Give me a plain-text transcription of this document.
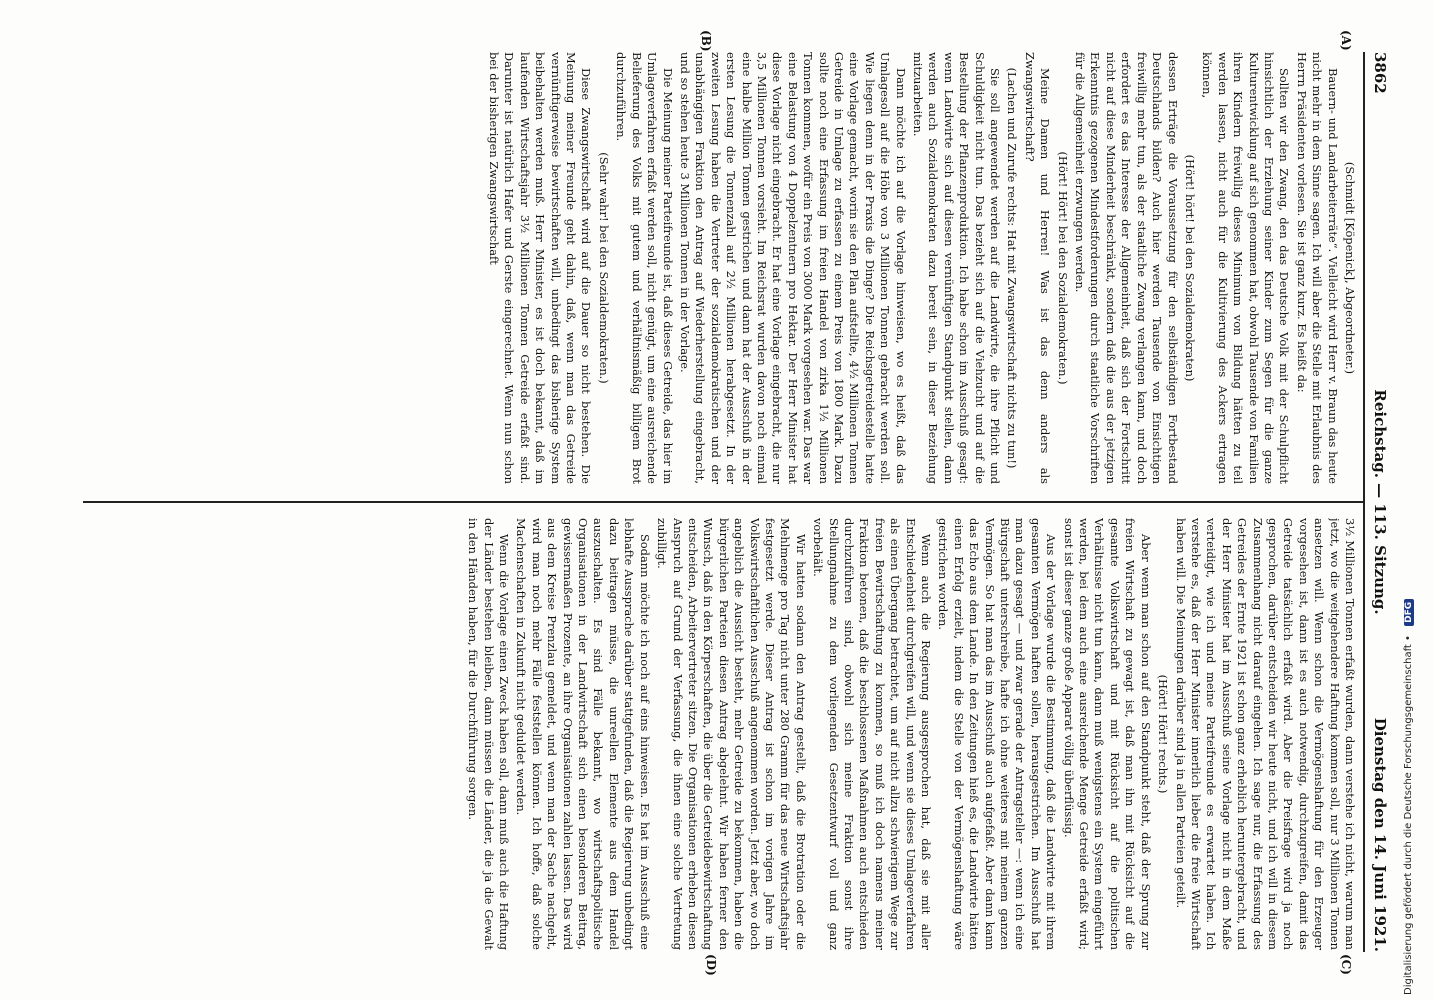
3862
Reichstag. — 113. Sitzung.
Dienstag den 14. Juni 1921.
(A)
(B)
(C)
(D)

(Schmidt [Köpenick], Abgeordneter.)

Bauern- und Landarbeiterräte“. Vielleicht wird Herr v. Braun das heute nicht mehr in dem Sinne sagen. Ich will aber die Stelle mit Erlaubnis des Herrn Präsidenten vorlesen. Sie ist ganz kurz. Es heißt da:

Sollten wir den Zwang, den das Deutsche Volk mit der Schulpflicht hinsichtlich der Erziehung seiner Kinder zum Segen für die ganze Kulturentwicklung auf sich genommen hat, obwohl Tausende von Familien ihren Kindern freiwillig dieses Minimum von Bildung hätten zu teil werden lassen, nicht auch für die Kultivierung des Ackers ertragen können,

(Hört! hört! bei den Sozialdemokraten)

dessen Erträge die Voraussetzung für den selbständigen Fortbestand Deutschlands bilden? Auch hier werden Tausende von Einsichtigen freiwillig mehr tun, als der staatliche Zwang verlangen kann, und doch erfordert es das Interesse der Allgemeinheit, daß sich der Fortschritt nicht auf diese Minderheit beschränkt, sondern daß die aus der jetzigen Erkenntnis gezogenen Mindestforderungen durch staatliche Vorschriften für die Allgemeinheit erzwungen werden.

(Hört! Hört! bei den Sozialdemokraten.)

Meine Damen und Herren! Was ist das denn anders als Zwangswirtschaft?

(Lachen und Zurufe rechts: Hat mit Zwangswirtschaft nichts zu tun!)

Sie soll angewendet werden auf die Landwirte, die ihre Pflicht und Schuldigkeit nicht tun. Das bezieht sich auf die Viehzucht und auf die Bestellung der Pflanzenproduktion. Ich habe schon im Ausschuß gesagt: wenn Landwirte sich auf diesen vernünftigen Standpunkt stellen, dann werden auch Sozialdemokraten dazu bereit sein, in dieser Beziehung mitzuarbeiten.

Dann möchte ich auf die Vorlage hinweisen, wo es heißt, daß das Umlagesoll auf die Höhe von 3 Millionen Tonnen gebracht werden soll. Wie liegen denn in der Praxis die Dinge? Die Reichsgetreidestelle hatte eine Vorlage gemacht, worin sie den Plan aufstellte, 4½ Millionen Tonnen Getreide in Umlage zu erfassen zu einem Preis von 1800 Mark. Dazu sollte noch eine Erfassung im freien Handel von zirka 1½ Millionen Tonnen kommen, wofür ein Preis von 3000 Mark vorgesehen war. Das war eine Belastung von 4 Doppelzentnern pro Hektar. Der Herr Minister hat diese Vorlage nicht eingebracht. Er hat eine Vorlage eingebracht, die nur 3,5 Millionen Tonnen vorsieht. Im Reichsrat wurden davon noch einmal eine halbe Million Tonnen gestrichen und dann hat der Ausschuß in der ersten Lesung die Tonnenzahl auf 2½ Millionen herabgesetzt. In der zweiten Lesung haben die Vertreter der sozialdemokratischen und der unabhängigen Fraktion den Antrag auf Wiederherstellung eingebracht, und so stehen heute 3 Millionen Tonnen in der Vorlage.

Die Meinung meiner Parteifreunde ist, daß dieses Getreide, das hier im Umlageverfahren erfaßt werden soll, nicht genügt, um eine ausreichende Belieferung des Volks mit gutem und verhältnismäßig billigem Brot durchzuführen.

(Sehr wahr! bei den Sozialdemokraten.)

Diese Zwangswirtschaft wird auf die Dauer so nicht bestehen. Die Meinung meiner Freunde geht dahin, daß, wenn man das Getreide vernünftigerweise bewirtschaften will, unbedingt das bisherige System beibehalten werden muß. Herr Minister, es ist doch bekannt, daß im laufenden Wirtschaftsjahr 3½ Millionen Tonnen Getreide erfaßt sind. Darunter ist natürlich Hafer und Gerste eingerechnet. Wenn nun schon bei der bisherigen Zwangswirtschaft

3½ Millionen Tonnen erfaßt wurden, dann verstehe ich nicht, warum man jetzt, wo die weitgehendere Haftung kommen soll, nur 3 Millionen Tonnen ansetzen will. Wenn schon die Vermögenshaftung für den Erzeuger vorgesehen ist, dann ist es auch notwendig, durchzugreifen, damit das Getreide tatsächlich erfaßt wird. Aber die Preisfrage wird ja noch gesprochen, darüber entscheiden wir heute nicht, und ich will in diesem Zusammenhang nicht darauf eingehen. Ich sage nur, die Erfassung des Getreides der Ernte 1921 ist schon ganz erheblich heruntergebracht, und der Herr Minister hat im Ausschuß seine Vorlage nicht in dem Maße verteidigt, wie ich und meine Parteifreunde es erwartet haben. Ich verstehe es, daß der Herr Minister innerlich lieber die freie Wirtschaft haben will. Die Meinungen darüber sind ja in allen Parteien geteilt.

(Hört! Hört! rechts.)

Aber wenn man schon auf den Standpunkt steht, daß der Sprung zur freien Wirtschaft zu gewagt ist, daß man ihn mit Rücksicht auf die gesamte Volkswirtschaft und mit Rücksicht auf die politischen Verhältnisse nicht tun kann, dann muß wenigstens ein System eingeführt werden, bei dem auch eine ausreichende Menge Getreide erfaßt wird; sonst ist dieser ganze große Apparat völlig überflüssig.

Aus der Vorlage wurde die Bestimmung, daß die Landwirte mit ihrem gesamten Vermögen haften sollen, herausgestrichen. Im Ausschuß hat man dazu gesagt — und zwar gerade der Antragsteller —: wenn ich eine Bürgschaft unterschreibe, hafte ich ohne weiteres mit meinem ganzen Vermögen. So hat man das im Ausschuß auch aufgefaßt. Aber dann kann das Echo aus dem Lande. In den Zeitungen hieß es, die Landwirte hätten einen Erfolg erzielt, indem die Stelle von der Vermögenshaftung wäre gestrichen worden.

Wenn auch die Regierung ausgesprochen hat, daß sie mit aller Entschiedenheit durchgreifen will, und wenn sie dieses Umlageverfahren als einen Übergang betrachtet, um auf nicht allzu schwierigem Wege zur freien Bewirtschaftung zu kommen, so muß ich doch namens meiner Fraktion betonen, daß die beschlossenen Maßnahmen auch entschieden durchzuführen sind, obwohl sich meine Fraktion sonst ihre Stellungnahme zu dem vorliegenden Gesetzentwurf voll und ganz vorbehält.

Wir hatten sodann den Antrag gestellt, daß die Brotration oder die Mehlmenge pro Tag nicht unter 280 Gramm für das neue Wirtschaftsjahr festgesetzt werde. Dieser Antrag ist schon im vorigen Jahre im Volkswirtschaftlichen Ausschuß angenommen worden. Jetzt aber, wo doch angeblich die Aussicht besteht, mehr Getreide zu bekommen, haben die bürgerlichen Parteien diesen Antrag abgelehnt. Wir haben ferner den Wunsch, daß in den Körperschaften, die über die Getreidebewirtschaftung entscheiden, Arbeitervertreter sitzen. Die Organisationen erheben diesen Anspruch auf Grund der Verfassung, die ihnen eine solche Vertretung zubilligt.

Sodann möchte ich noch auf eins hinweisen. Es hat im Ausschuß eine lebhafte Aussprache darüber stattgefunden, daß die Regierung unbedingt dazu beitragen müsse, die unreellen Elemente aus dem Handel auszuschalten. Es sind Fälle bekannt, wo wirtschaftspolitische Organisationen in der Landwirtschaft sich einen besonderen Beitrag, gewissermaßen Prozente, an ihre Organisationen zahlen lassen. Das wird aus dem Kreise Prenzlau gemeldet, und wenn man der Sache nachgeht, wird man noch mehr Fälle feststellen können. Ich hoffe, daß solche Machenschaften in Zukunft nicht geduldet werden.

Wenn die Vorlage einen Zweck haben soll, dann muß auch die Haftung der Länder bestehen bleiben, dann müssen die Länder, die ja die Gewalt in den Händen haben, für die Durchführung sorgen.	Digitalisierung gefördert durch die Deutsche Forschungsgemeinschaft • DFG
